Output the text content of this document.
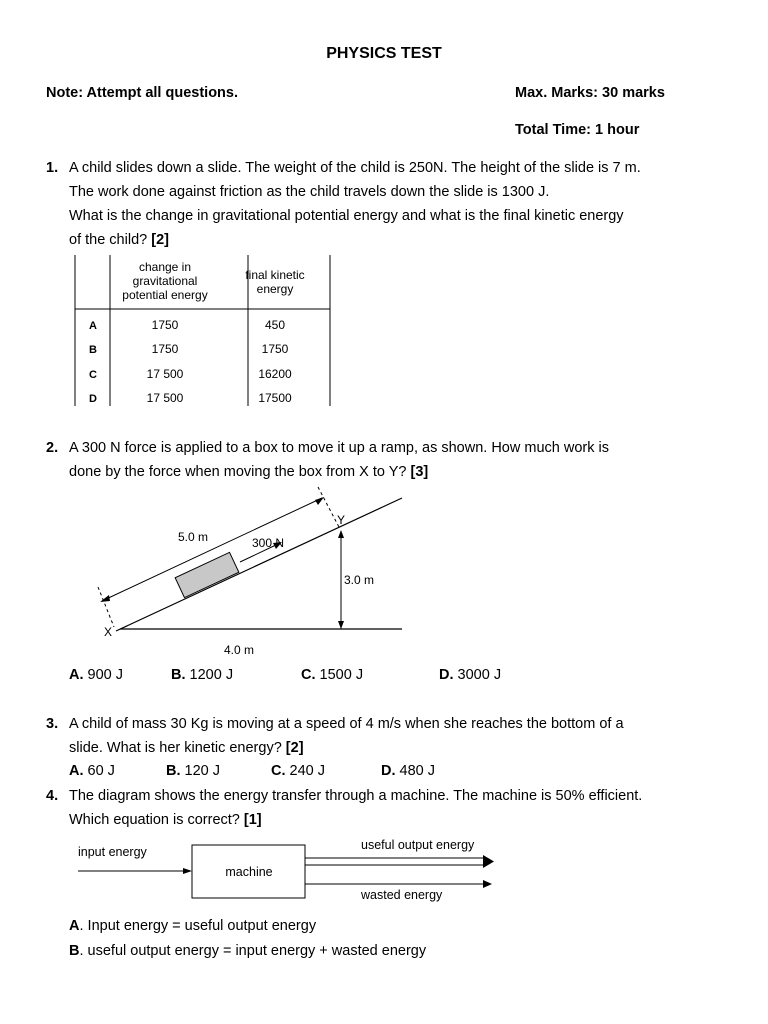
PHYSICS TEST
Note: Attempt all questions.	Max. Marks: 30 marks
Total Time: 1 hour
1. A child slides down a slide. The weight of the child is 250N. The height of the slide is 7 m.
The work done against friction as the child travels down the slide is 1300 J.
What is the change in gravitational potential energy and what is the final kinetic energy
of the child? [2]
change in
gravitational
potential energy
final kinetic
energy
A	1750	450
B	1750	1750
C	17 500	16200
D	17 500	17500
2. A 300 N force is applied to a box to move it up a ramp, as shown. How much work is
done by the force when moving the box from X to Y? [3]
5.0 m	300 N
3.0 m
4.0 m
X
Y
A. 900 J	B. 1200 J	C. 1500 J	D. 3000 J
3. A child of mass 30 Kg is moving at a speed of 4 m/s when she reaches the bottom of a
slide. What is her kinetic energy? [2]
A. 60 J	B. 120 J	C. 240 J	D. 480 J
4. The diagram shows the energy transfer through a machine. The machine is 50% efficient.
Which equation is correct? [1]
input energy
machine
useful output energy
wasted energy
A. Input energy = useful output energy
B. useful output energy = input energy + wasted energy
